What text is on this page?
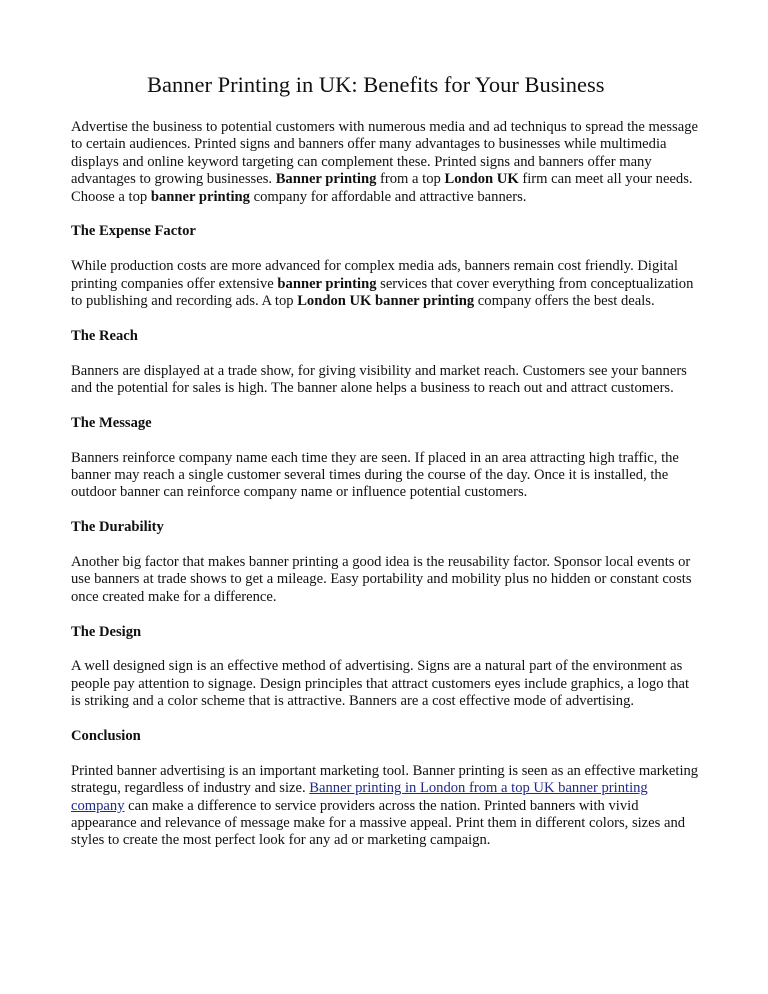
Banner Printing in UK: Benefits for Your Business

Advertise the business to potential customers with numerous media and ad techniqus to spread the message to certain audiences. Printed signs and banners offer many advantages to businesses while multimedia displays and online keyword targeting can complement these. Printed signs and banners offer many advantages to growing businesses. Banner printing from a top London UK firm can meet all your needs. Choose a top banner printing company for affordable and attractive banners.

The Expense Factor

While production costs are more advanced for complex media ads, banners remain cost friendly. Digital printing companies offer extensive banner printing services that cover everything from conceptualization to publishing and recording ads. A top London UK banner printing company offers the best deals.

The Reach

Banners are displayed at a trade show, for giving visibility and market reach. Customers see your banners and the potential for sales is high. The banner alone helps a business to reach out and attract customers.

The Message

Banners reinforce company name each time they are seen. If placed in an area attracting high traffic, the banner may reach a single customer several times during the course of the day. Once it is installed, the outdoor banner can reinforce company name or influence potential customers.

The Durability

Another big factor that makes banner printing a good idea is the reusability factor. Sponsor local events or use banners at trade shows to get a mileage. Easy portability and mobility plus no hidden or constant costs once created make for a difference.

The Design

A well designed sign is an effective method of advertising. Signs are a natural part of the environment as people pay attention to signage. Design principles that attract customers eyes include graphics, a logo that is striking and a color scheme that is attractive. Banners are a cost effective mode of advertising.

Conclusion

Printed banner advertising is an important marketing tool. Banner printing is seen as an effective marketing strategu, regardless of industry and size. Banner printing in London from a top UK banner printing company can make a difference to service providers across the nation. Printed banners with vivid appearance and relevance of message make for a massive appeal. Print them in different colors, sizes and styles to create the most perfect look for any ad or marketing campaign.
